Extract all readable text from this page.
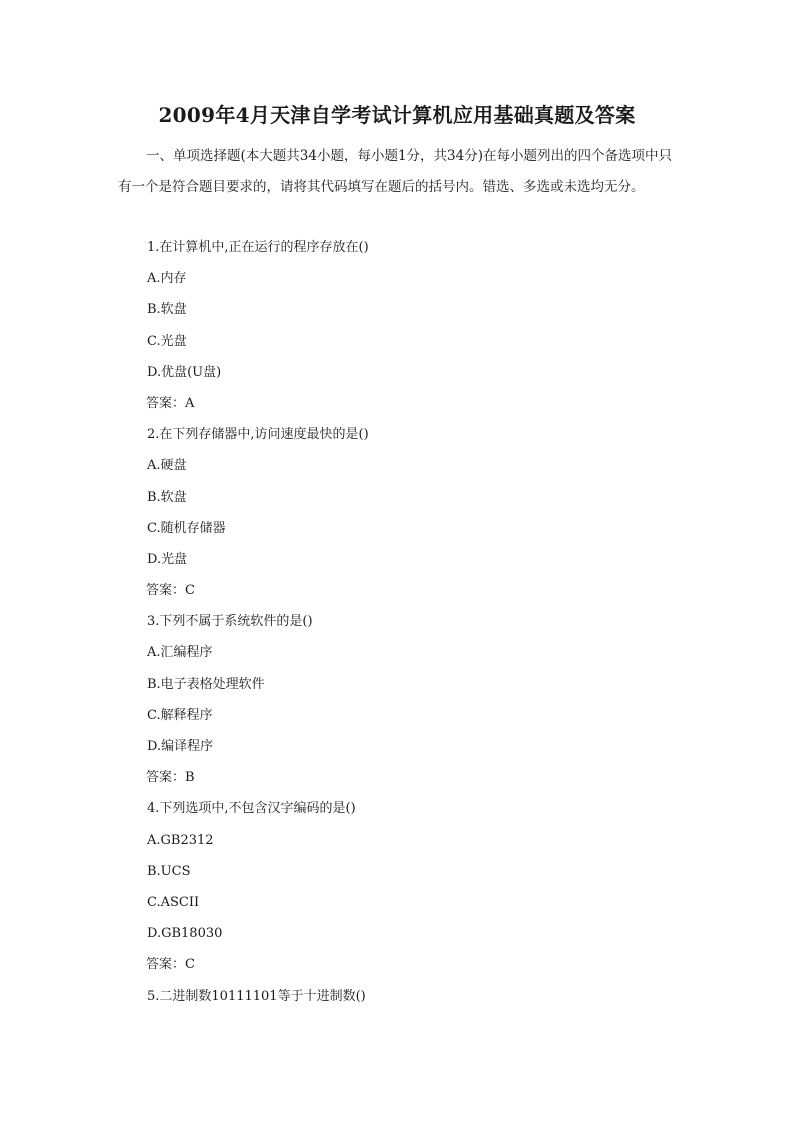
2009年4月天津自学考试计算机应用基础真题及答案

一、单项选择题(本大题共34小题，每小题1分，共34分)在每小题列出的四个备选项中只有一个是符合题目要求的，请将其代码填写在题后的括号内。错选、多选或未选均无分。

1.在计算机中,正在运行的程序存放在()
A.内存
B.软盘
C.光盘
D.优盘(U盘)
答案：A
2.在下列存储器中,访问速度最快的是()
A.硬盘
B.软盘
C.随机存储器
D.光盘
答案：C
3.下列不属于系统软件的是()
A.汇编程序
B.电子表格处理软件
C.解释程序
D.编译程序
答案：B
4.下列选项中,不包含汉字编码的是()
A.GB2312
B.UCS
C.ASCII
D.GB18030
答案：C
5.二进制数10111101等于十进制数()
